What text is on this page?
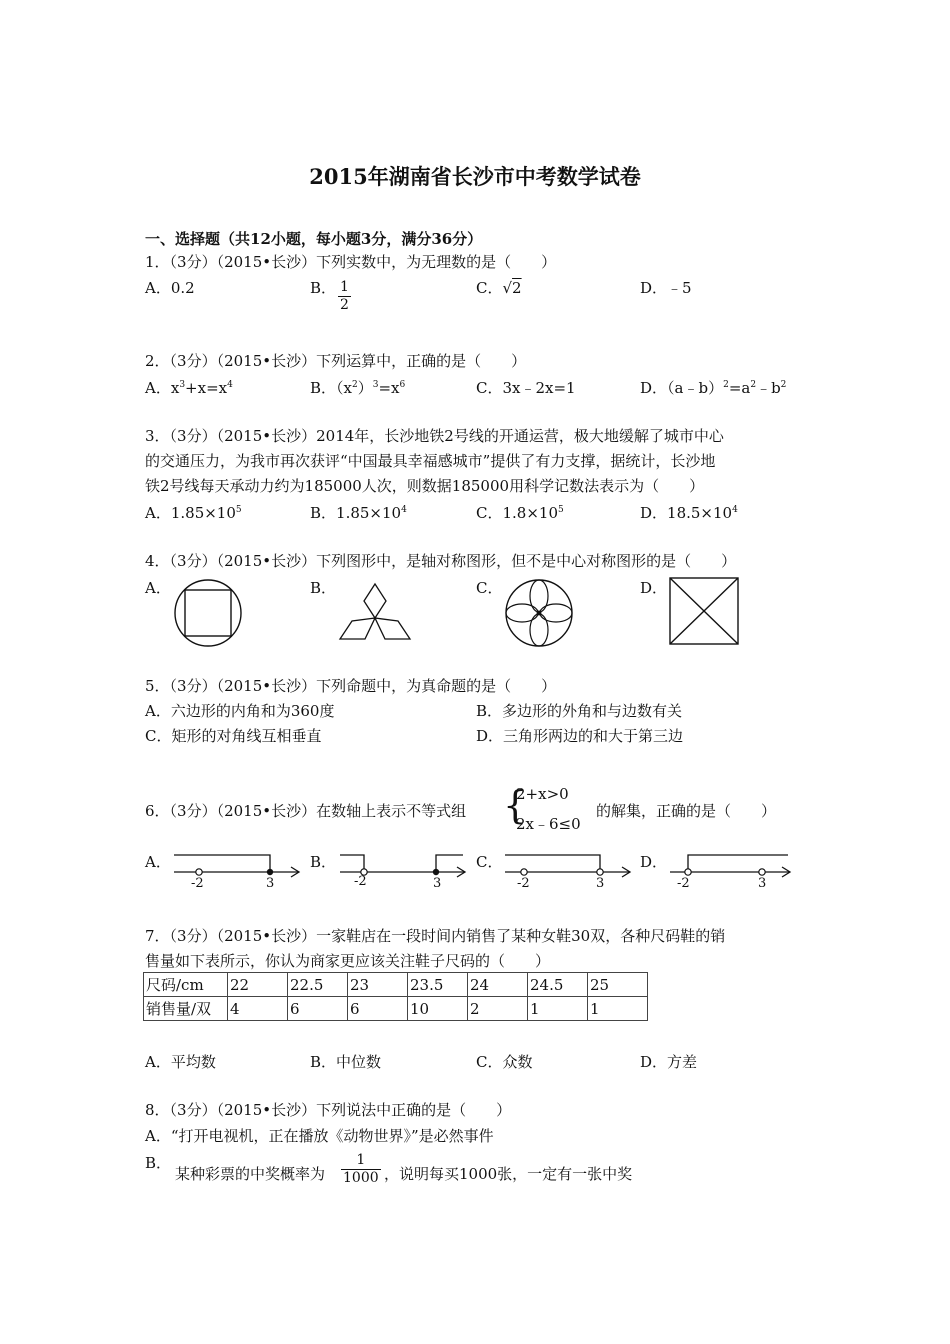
2015年湖南省长沙市中考数学试卷
一、选择题（共12小题，每小题3分，满分36分）
1．（3分）（2015•长沙）下列实数中，为无理数的是（　　）
A．0.2	B． $\frac{1}{2}$	C．√2	D．﹣5
2．（3分）（2015•长沙）下列运算中，正确的是（　　）
A．$x^3+x=x^4$	B．$(x^2)^3=x^6$	C．3x﹣2x=1	D．$(a﹣b)^2=a^2﹣b^2$
3．（3分）（2015•长沙）2014年，长沙地铁2号线的开通运营，极大地缓解了城市中心
的交通压力，为我市再次获评“中国最具幸福感城市”提供了有力支撑，据统计，长沙地
铁2号线每天承动力约为185000人次，则数据185000用科学记数法表示为（　　）
A．$1.85\times 10^5$	B．$1.85\times 10^4$	C．$1.8\times 10^5$	D．$18.5\times 10^4$
4．（3分）（2015•长沙）下列图形中，是轴对称图形，但不是中心对称图形的是（　　）
A．	B．	C．	D．
5．（3分）（2015•长沙）下列命题中，为真命题的是（　　）
A．六边形的内角和为360度	B．多边形的外角和与边数有关
C．矩形的对角线互相垂直	D．三角形两边的和大于第三边
6．（3分）（2015•长沙）在数轴上表示不等式组 {
2+x>0
2x﹣6≤0
的解集，正确的是（　　）
A．	B．	C．	D．
-2	3	-2	3	-2	3	-2	3
7．（3分）（2015•长沙）一家鞋店在一段时间内销售了某种女鞋30双，各种尺码鞋的销
售量如下表所示，你认为商家更应该关注鞋子尺码的（　　）
尺码/cm	22	22.5	23	23.5	24	24.5	25
销售量/双	4	6	6	10	2	1	1
A．平均数	B．中位数	C．众数	D．方差
8．（3分）（2015•长沙）下列说法中正确的是（　　）
A．“打开电视机，正在播放《动物世界》”是必然事件
B．
某种彩票的中奖概率为 $\frac{1}{1000}$ ，说明每买1000张，一定有一张中奖
